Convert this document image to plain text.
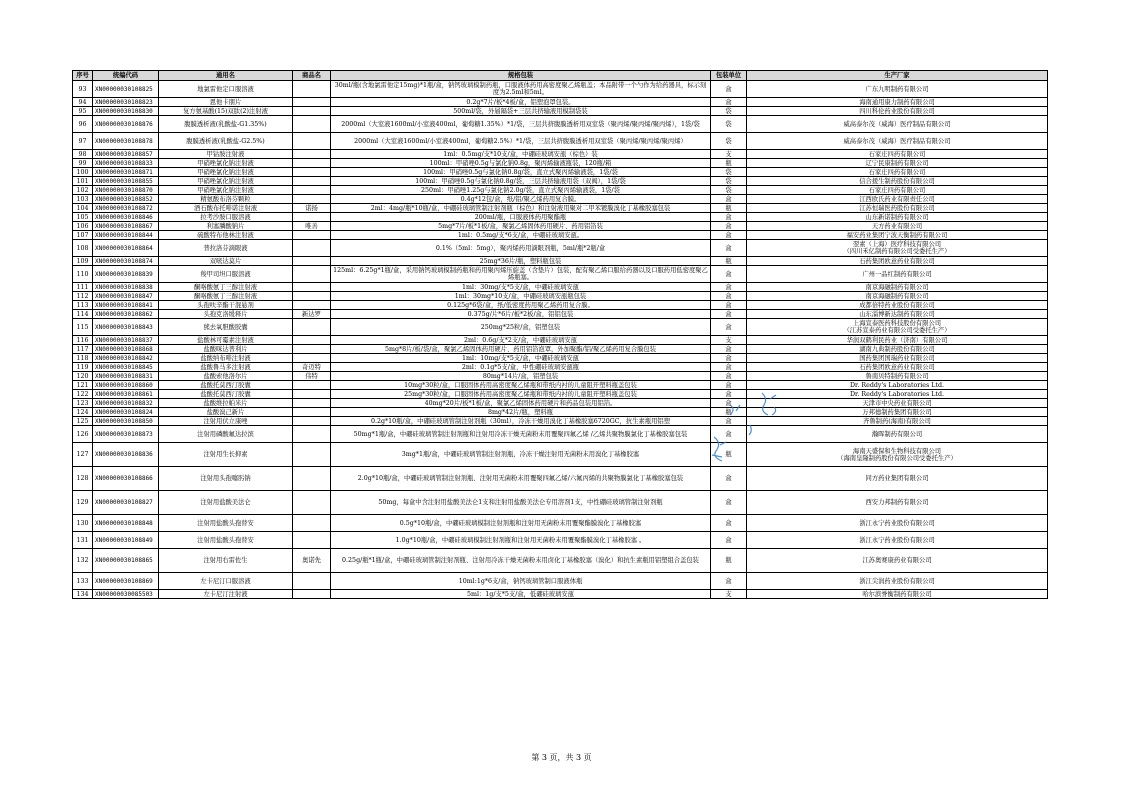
序号	统编代码	通用名	商品名	规格包装	包装单位	生产厂家
93	XN00000030108825	地氯雷他定口服溶液		30ml/瓶(含地氯雷他定15mg)*1瓶/盒，钠钙玻璃模制药瓶，口服液体药用高密度聚乙烯瓶盖；本品附带一个勺作为给药器具，标示刻度为2.5ml和5ml。	盒	广东九明制药有限公司
94	XN00000030108823	恩他卡朋片		0.2g*7片/板*4板/盒，铝塑泡罩包装。	盒	海南通用康力制药有限公司
95	XN00000030108830	复方氨基酸(15)双肽(2)注射液		500ml/袋，外層隔袋+三层共挤输液用模制袋装	袋	四川科伦药业股份有限公司
96	XN00000030108876	腹膜透析液(乳酸盐-G1.35%)		2000ml（大室液1600ml/小室液400ml，葡萄糖1.35%）*1/袋，三层共挤腹膜透析用双室袋（聚丙烯/聚丙烯/聚丙烯），1袋/袋	袋	威高泰尔茂（威海）医疗制品有限公司
97	XN00000030108878	腹膜透析液(乳酸盐-G2.5%)		2000ml（大室液1600ml/小室液400ml，葡萄糖2.5%）*1/袋，三层共挤腹膜透析用双室袋（聚丙烯/聚丙烯/聚丙烯）	袋	威高泰尔茂（威海）医疗制品有限公司
98	XN00000030108857	甲钴胺注射液		1ml：0.5mg/支*10支/盒，中硼硅玻璃安瓿（棕色）装	支	石家庄四药有限公司
99	XN00000030108833	甲硝唑氯化钠注射液		100ml：甲硝唑0.5g与氯化钠0.8g，聚丙烯输液瓶装，120瓶/箱	瓶	辽宁民康制药有限公司
100	XN00000030108871	甲硝唑氯化钠注射液		100ml：甲硝唑0.5g与氯化钠0.8g/袋，直立式聚丙烯输液袋，1袋/袋	袋	石家庄四药有限公司
101	XN00000030108855	甲硝唑氯化钠注射液		100ml：甲硝唑0.5g与氯化钠0.8g/袋，三层共挤输液用袋（双阀），1袋/袋	袋	信合援生制药股份有限公司
102	XN00000030108870	甲硝唑氯化钠注射液		250ml：甲硝唑1.25g与氯化钠2.0g/袋，直立式聚丙烯输液袋，1袋/袋	袋	石家庄四药有限公司
103	XN00000030108852	精氨酸布洛芬颗粒		0.4g*12包/盒，纸/铝/聚乙烯药用复合膜。	盒	江西欧氏药业有限责任公司
104	XN00000030108872	酒石酸布托啡诺注射液	诺扬	2ml：4mg/瓶*10瓶/盒，中硼硅玻璃管制注射剂瓶（棕色）和注射液用聚对二甲苯镀膜溴化丁基橡胶塞包装	瓶	江苏恒瑞医药股份有限公司
105	XN00000030108846	拉考沙胺口服溶液		200ml/瓶，口服液体药用聚酯瓶	盒	山东新诺制药有限公司
106	XN00000030108867	利塞膦酸钠片	唯善	5mg*7片/板*1板/盒，聚氯乙烯固体药用硬片、药用铝箔装	盒	天方药业有限公司
107	XN00000030108844	硫酸特布他林注射液		1ml：0.5mg/支*6支/盒，中硼硅玻璃安瓿。	盒	福安药业集团宁波天衡制药有限公司
108	XN00000030108864	普拉洛芬滴眼液		0.1%（5ml：5mg），聚丙烯药用滴眼剂瓶，5ml/瓶*2瓶/盒	盒	翌素（上海）医疗科技有限公司
（四川禾亿制药有限公司受委托生产）
109	XN00000030108874	双嘧达莫片		25mg*36片/瓶，塑料瓶包装	瓶	石药集团欧意药业有限公司
110	XN00000030108839	羧甲司坦口服溶液		125ml：6.25g*1瓶/盒，采用钠钙玻璃模制药瓶和药用聚丙烯压旋盖（含垫片）包装，配有聚乙烯口服给药器以及口服药用低密度聚乙烯瓶塞。	盒	广州一品红制药有限公司
111	XN00000030108838	酮咯酸氨丁三醇注射液		1ml：30mg/支*5支/盒，中硼硅玻璃安瓿	盒	南京海融制药有限公司
112	XN00000030108847	酮咯酸氨丁三醇注射液		1ml：30mg*10支/盒，中硼硅玻璃安瓿瓶包装	盒	南京海融制药有限公司
113	XN00000030108841	头孢呋辛酯干混悬剂		0.125g*6袋/盒，纸/低密度药用聚乙烯药用复合膜。	盒	成都倍特药业股份有限公司
114	XN00000030108862	头孢克洛缓释片	新达罗	0.375g/片*6片/板*2板/盒，铝铝包装	盒	山东淄博新达制药有限公司
115	XN00000030108843	熊去氧胆酸胶囊		250mg*25粒/盒，铝塑包装	盒	上海宣泰医药科技股份有限公司
（江苏宣泰药业有限公司受委托生产）
116	XN00000030108837	盐酸林可霉素注射液		2ml：0.6g/支*2支/盒，中硼硅玻璃安瓿	支	华润双鹤利民药业（济南）有限公司
117	XN00000030108868	盐酸咪达普利片		5mg*8片/板/袋/盒，聚氯乙烯固体药用硬片、药用铝箔泡罩，外加聚酯/铝/聚乙烯药用复合膜包装	盒	湖南九典制药股份有限公司
118	XN00000030108842	盐酸纳布啡注射液		1ml：10mg/支*5支/盒，中硼硅玻璃安瓿	盒	国药集团国瑞药业有限公司
119	XN00000030108845	盐酸鲁马多注射液	奇迈特	2ml：0.1g*5支/盒，中性硼硅玻璃安瓿瓶	盒	石药集团欧意药业有限公司
120	XN00000030108831	盐酸索他洛尔片	伟特	80mg*14片/盒，铝塑包装	盒	鲁南贝特制药有限公司
121	XN00000030108860	盐酸托莫西汀胶囊		10mg*30粒/盒，口服固体药用高密度聚乙烯瓶和带纸内衬的儿童阻开塑料瓶盖包装	盒	Dr. Reddy's Laboratories Ltd.
122	XN00000030108861	盐酸托莫西汀胶囊		25mg*30粒/盒，口服固体药用高密度聚乙烯瓶和带纸内衬的儿童阻开塑料瓶盖包装	盒	Dr. Reddy's Laboratories Ltd.
123	XN00000030108832	盐酸维拉帕米片		40mg*20片/板*1板/盒，聚氯乙烯固体药用硬片和药品包装用铝箔。	盒	天津市中央药业有限公司
124	XN00000030108824	盐酸溴己新片		8mg*42片/瓶，塑料瓶	瓶	万邦德制药集团有限公司
125	XN00000030108850	注射用伏立康唑		0.2g*10瓶/盒，中硼硅玻璃管制注射剂瓶（30ml），冷冻干燥用溴化丁基橡胶塞6720GC，抗生素瓶用铝塑	盒	齐鲁制药(海南)有限公司
126	XN00000030108873	注射用磷酸氟达拉滨		50mg*1瓶/盒，中硼硅玻璃管制注射剂瓶和注射用冷冻干燥无菌粉末用覆聚四氟乙烯 /乙烯共聚物膜氯化丁基橡胶塞包装	盒	瀚晖制药有限公司
127	XN00000030108836	注射用生长抑素		3mg*1瓶/盒，中硼硅玻璃管制注射剂瓶，冷冻干燥注射用无菌粉末用溴化丁基橡胶塞	瓶	海南天盛保和生物科技有限公司
（海南皇隆制药股份有限公司受委托生产）
128	XN00000030108866	注射用头孢噻肟钠		2.0g*10瓶/盒，中硼硅玻璃管制注射剂瓶、注射用无菌粉末用覆聚四氟乙烯/六氟丙烯的共聚物膜氯化丁基橡胶塞包装	盒	同方药业集团有限公司
129	XN00000030108827	注射用盐酸美法仑		50mg，每盒中含注射用盐酸美法仑1支和注射用盐酸美法仑专用溶剂1支，中性硼硅玻璃管制注射剂瓶	盒	西安力邦制药有限公司
130	XN00000030108848	注射用盐酸头孢替安		0.5g*10瓶/盒，中硼硅玻璃模制注射剂瓶和注射用无菌粉末用覆聚酯膜溴化丁基橡胶塞	盒	浙江永宁药业股份有限公司
131	XN00000030108849	注射用盐酸头孢替安		1.0g*10瓶/盒，中硼硅玻璃模制注射剂瓶和注射用无菌粉末用覆聚酯膜溴化丁基橡胶塞 。	盒	浙江永宁药业股份有限公司
132	XN00000030108865	注射用右雷佐生	奥诺先	0.25g/瓶*1瓶/盒，中硼硅玻璃管制注射剂瓶、注射用冷冻干燥无菌粉末用卤化丁基橡胶塞（溴化）和抗生素瓶用铝塑组合盖包装	瓶	江苏奥赛康药业有限公司
133	XN00000030108869	左卡尼汀口服溶液		10ml:1g*6支/盒，钠钙玻璃管制口服液体瓶	盒	浙江尖润药业股份有限公司
134	XN00000030085503	左卡尼汀注射液		5ml：1g/支*5支/盒，低硼硅玻璃安瓿	支	哈尔滨誉衡制药有限公司
第 3 页，共 3 页
